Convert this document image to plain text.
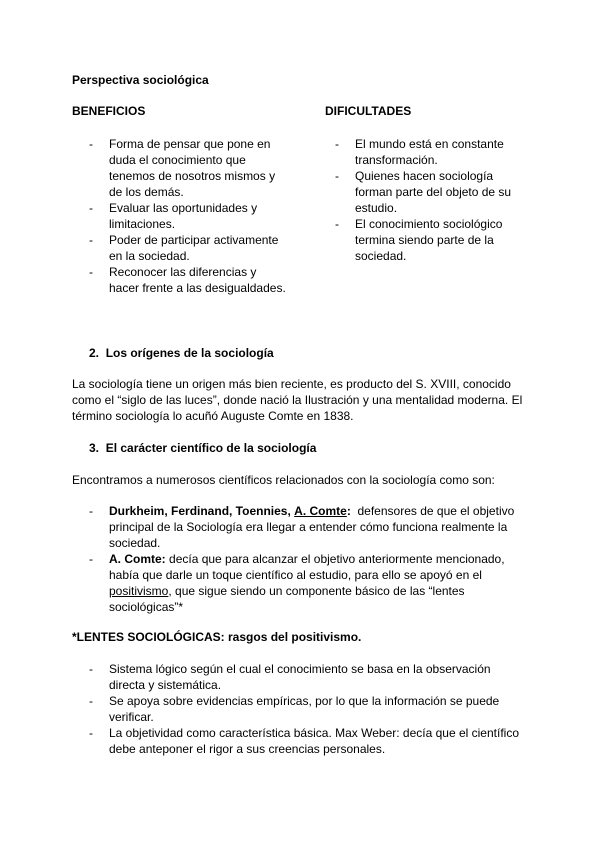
Perspectiva sociológica
BENEFICIOS
- Forma de pensar que pone en duda el conocimiento que tenemos de nosotros mismos y de los demás.
- Evaluar las oportunidades y limitaciones.
- Poder de participar activamente en la sociedad.
- Reconocer las diferencias y hacer frente a las desigualdades.
DIFICULTADES
- El mundo está en constante transformación.
- Quienes hacen sociología forman parte del objeto de su estudio.
- El conocimiento sociológico termina siendo parte de la sociedad.
2. Los orígenes de la sociología
La sociología tiene un origen más bien reciente, es producto del S. XVIII, conocido como el “siglo de las luces”, donde nació la Ilustración y una mentalidad moderna. El término sociología lo acuñó Auguste Comte en 1838.
3. El carácter científico de la sociología
Encontramos a numerosos científicos relacionados con la sociología como son:
- Durkheim, Ferdinand, Toennies, A. Comte: defensores de que el objetivo principal de la Sociología era llegar a entender cómo funciona realmente la sociedad.
- A. Comte: decía que para alcanzar el objetivo anteriormente mencionado, había que darle un toque científico al estudio, para ello se apoyó en el positivismo, que sigue siendo un componente básico de las “lentes sociológicas”*
*LENTES SOCIOLÓGICAS: rasgos del positivismo.
- Sistema lógico según el cual el conocimiento se basa en la observación directa y sistemática.
- Se apoya sobre evidencias empíricas, por lo que la información se puede verificar.
- La objetividad como característica básica. Max Weber: decía que el científico debe anteponer el rigor a sus creencias personales.
